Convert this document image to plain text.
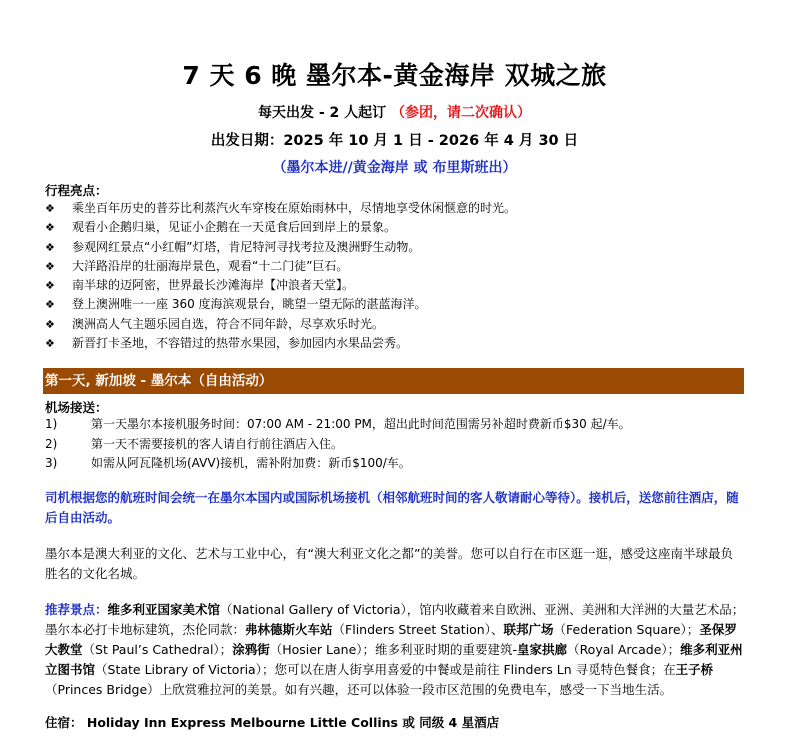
7 天 6 晚 墨尔本-黄金海岸 双城之旅
每天出发 - 2 人起订 （参团，请二次确认）
出发日期：2025 年 10 月 1 日 - 2026 年 4 月 30 日
（墨尔本进//黄金海岸 或 布里斯班出）
行程亮点：
❖ 乘坐百年历史的普芬比利蒸汽火车穿梭在原始雨林中，尽情地享受休闲惬意的时光。
❖ 观看小企鹅归巢，见证小企鹅在一天觅食后回到岸上的景象。
❖ 参观网红景点“小红帽”灯塔，肯尼特河寻找考拉及澳洲野生动物。
❖ 大洋路沿岸的壮丽海岸景色，观看“十二门徒”巨石。
❖ 南半球的迈阿密，世界最长沙滩海岸【冲浪者天堂】。
❖ 登上澳洲唯一一座 360 度海滨观景台，眺望一望无际的湛蓝海洋。
❖ 澳洲高人气主题乐园自选，符合不同年龄，尽享欢乐时光。
❖ 新晋打卡圣地，不容错过的热带水果园，参加园内水果品尝秀。
第一天, 新加坡 - 墨尔本（自由活动）
机场接送：
1)	第一天墨尔本接机服务时间：07:00 AM - 21:00 PM，超出此时间范围需另补超时费新币$30 起/车。
2)	第一天不需要接机的客人请自行前往酒店入住。
3)	如需从阿瓦隆机场(AVV)接机，需补附加费：新币$100/车。
司机根据您的航班时间会统一在墨尔本国内或国际机场接机（相邻航班时间的客人敬请耐心等待）。接机后，送您前往酒店，随后自由活动。
墨尔本是澳大利亚的文化、艺术与工业中心，有“澳大利亚文化之都”的美誉。您可以自行在市区逛一逛，感受这座南半球最负胜名的文化名城。
推荐景点：维多利亚国家美术馆（National Gallery of Victoria），馆内收藏着来自欧洲、亚洲、美洲和大洋洲的大量艺术品；墨尔本必打卡地标建筑，杰伦同款：弗林德斯火车站（Flinders Street Station）、联邦广场（Federation Square）；圣保罗大教堂（St Paul’s Cathedral）；涂鸦街（Hosier Lane）；维多利亚时期的重要建筑-皇家拱廊（Royal Arcade）；维多利亚州立图书馆（State Library of Victoria）；您可以在唐人街享用喜爱的中餐或是前往 Flinders Ln 寻觅特色餐食；在王子桥（Princes Bridge）上欣赏雅拉河的美景。如有兴趣，还可以体验一段市区范围的免费电车，感受一下当地生活。
住宿： Holiday Inn Express Melbourne Little Collins 或 同级 4 星酒店
